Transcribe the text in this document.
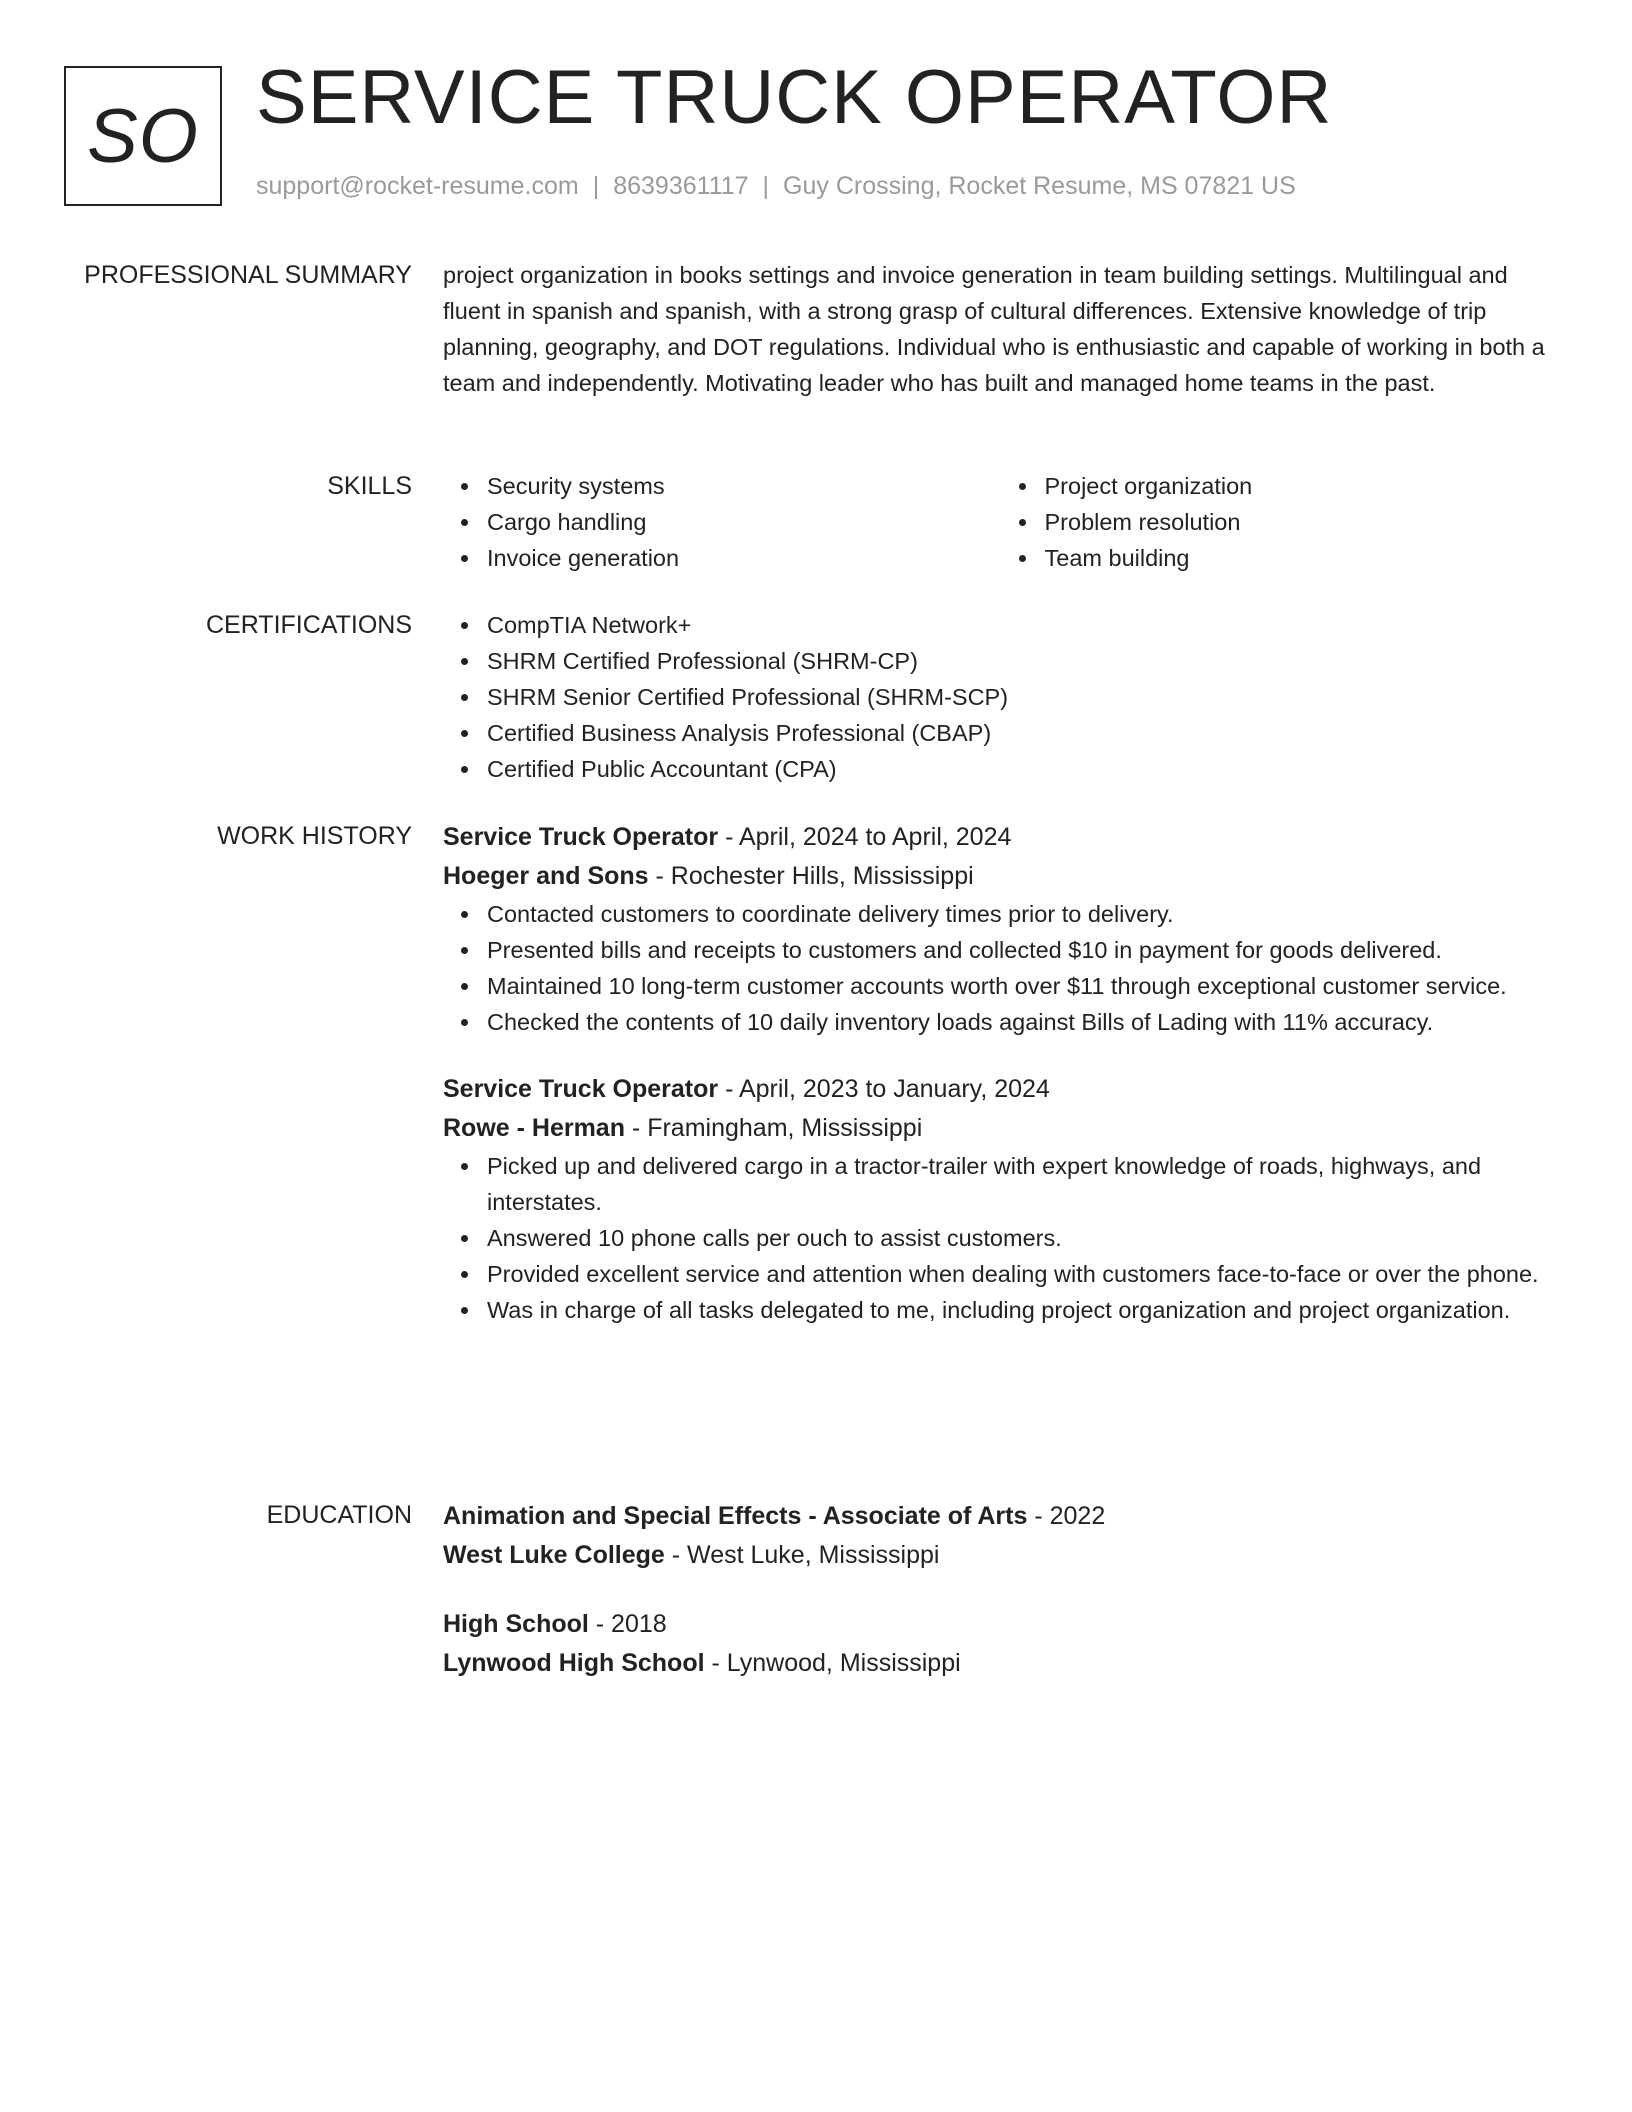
SO SERVICE TRUCK OPERATOR
support@rocket-resume.com | 8639361117 | Guy Crossing, Rocket Resume, MS 07821 US
PROFESSIONAL SUMMARY project organization in books settings and invoice generation in team building settings. Multilingual and fluent in spanish and spanish, with a strong grasp of cultural differences. Extensive knowledge of trip planning, geography, and DOT regulations. Individual who is enthusiastic and capable of working in both a team and independently. Motivating leader who has built and managed home teams in the past.
SKILLS	Security systems
Cargo handling
Invoice generation
Project organization
Problem resolution
Team building
CERTIFICATIONS	CompTIA Network+
SHRM Certified Professional (SHRM-CP)
SHRM Senior Certified Professional (SHRM-SCP)
Certified Business Analysis Professional (CBAP)
Certified Public Accountant (CPA)
WORK HISTORY Service Truck Operator - April, 2024 to April, 2024
Hoeger and Sons - Rochester Hills, Mississippi
Contacted customers to coordinate delivery times prior to delivery.
Presented bills and receipts to customers and collected $10 in payment for goods delivered.
Maintained 10 long-term customer accounts worth over $11 through exceptional customer service.
Checked the contents of 10 daily inventory loads against Bills of Lading with 11% accuracy.
Service Truck Operator - April, 2023 to January, 2024
Rowe - Herman - Framingham, Mississippi
Picked up and delivered cargo in a tractor-trailer with expert knowledge of roads, highways, and interstates.
Answered 10 phone calls per ouch to assist customers.
Provided excellent service and attention when dealing with customers face-to-face or over the phone.
Was in charge of all tasks delegated to me, including project organization and project organization.
EDUCATION Animation and Special Effects - Associate of Arts - 2022
West Luke College - West Luke, Mississippi
High School - 2018
Lynwood High School - Lynwood, Mississippi
